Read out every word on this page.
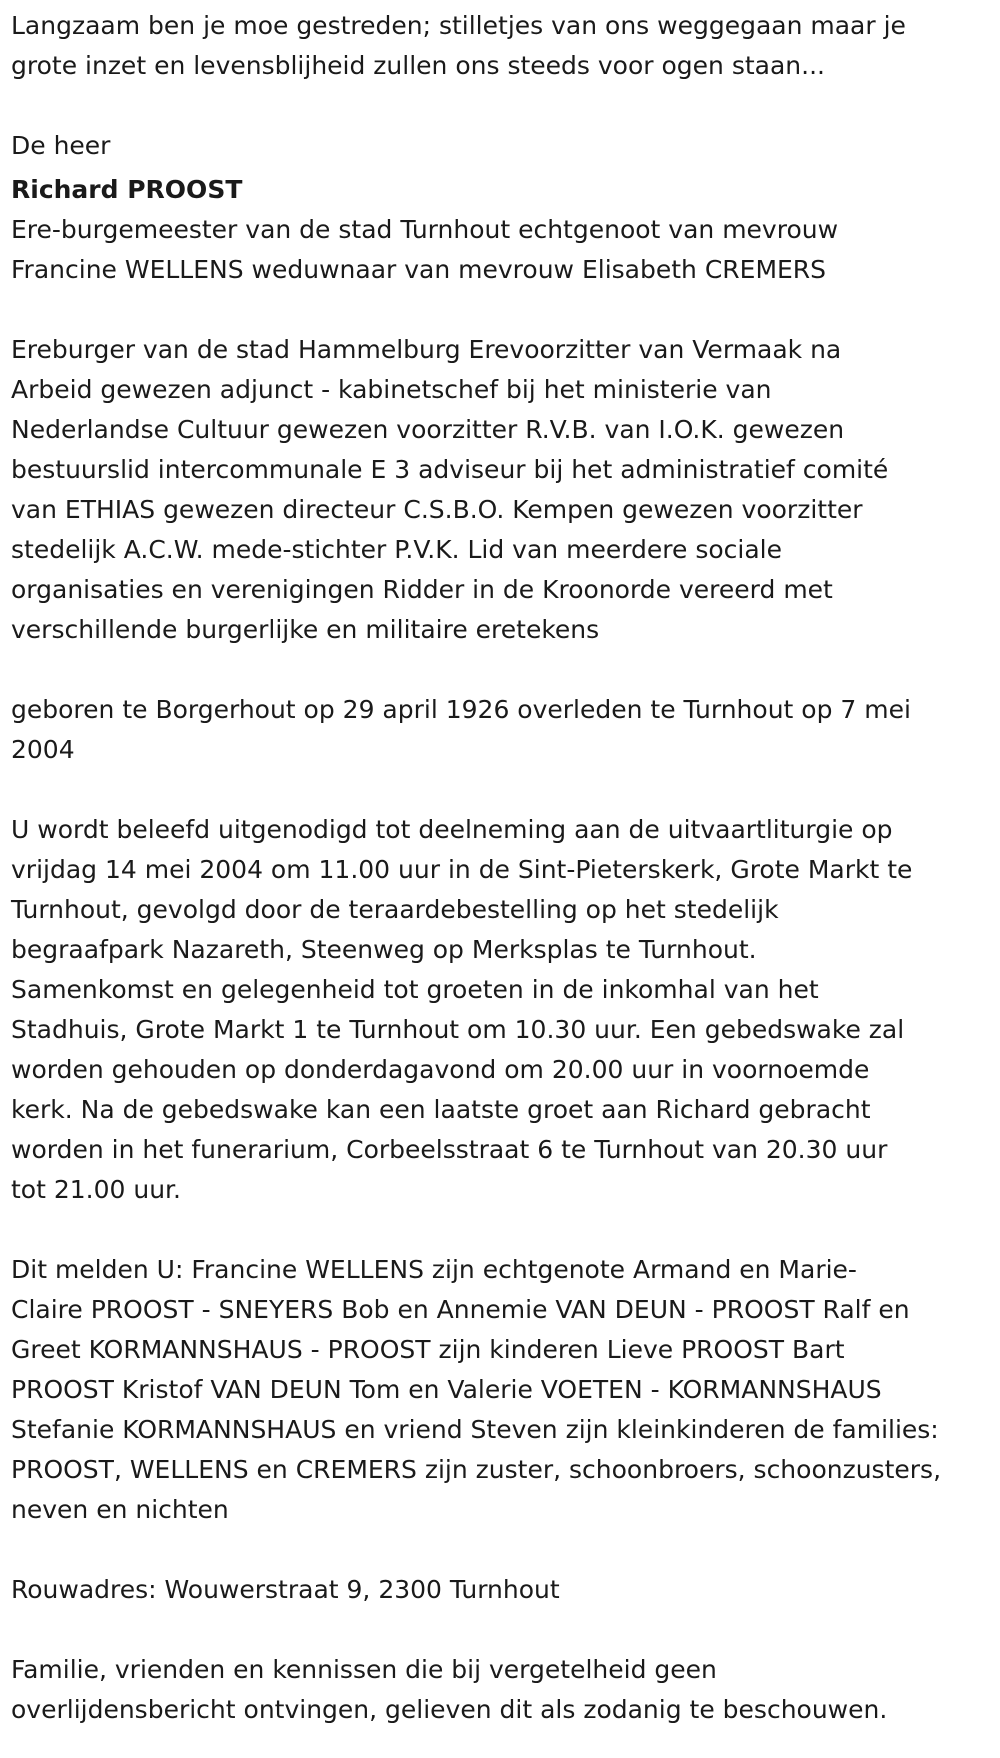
Langzaam ben je moe gestreden; stilletjes van ons weggegaan maar je
grote inzet en levensblijheid zullen ons steeds voor ogen staan...
De heer
Richard PROOST
Ere-burgemeester van de stad Turnhout echtgenoot van mevrouw
Francine WELLENS weduwnaar van mevrouw Elisabeth CREMERS
Ereburger van de stad Hammelburg Erevoorzitter van Vermaak na
Arbeid gewezen adjunct - kabinetschef bij het ministerie van
Nederlandse Cultuur gewezen voorzitter R.V.B. van I.O.K. gewezen
bestuurslid intercommunale E 3 adviseur bij het administratief comité
van ETHIAS gewezen directeur C.S.B.O. Kempen gewezen voorzitter
stedelijk A.C.W. mede-stichter P.V.K. Lid van meerdere sociale
organisaties en verenigingen Ridder in de Kroonorde vereerd met
verschillende burgerlijke en militaire eretekens
geboren te Borgerhout op 29 april 1926 overleden te Turnhout op 7 mei
2004
U wordt beleefd uitgenodigd tot deelneming aan de uitvaartliturgie op
vrijdag 14 mei 2004 om 11.00 uur in de Sint-Pieterskerk, Grote Markt te
Turnhout, gevolgd door de teraardebestelling op het stedelijk
begraafpark Nazareth, Steenweg op Merksplas te Turnhout.
Samenkomst en gelegenheid tot groeten in de inkomhal van het
Stadhuis, Grote Markt 1 te Turnhout om 10.30 uur. Een gebedswake zal
worden gehouden op donderdagavond om 20.00 uur in voornoemde
kerk. Na de gebedswake kan een laatste groet aan Richard gebracht
worden in het funerarium, Corbeelsstraat 6 te Turnhout van 20.30 uur
tot 21.00 uur.
Dit melden U: Francine WELLENS zijn echtgenote Armand en Marie-
Claire PROOST - SNEYERS Bob en Annemie VAN DEUN - PROOST Ralf en
Greet KORMANNSHAUS - PROOST zijn kinderen Lieve PROOST Bart
PROOST Kristof VAN DEUN Tom en Valerie VOETEN - KORMANNSHAUS
Stefanie KORMANNSHAUS en vriend Steven zijn kleinkinderen de families:
PROOST, WELLENS en CREMERS zijn zuster, schoonbroers, schoonzusters,
neven en nichten
Rouwadres: Wouwerstraat 9, 2300 Turnhout
Familie, vrienden en kennissen die bij vergetelheid geen
overlijdensbericht ontvingen, gelieven dit als zodanig te beschouwen.
